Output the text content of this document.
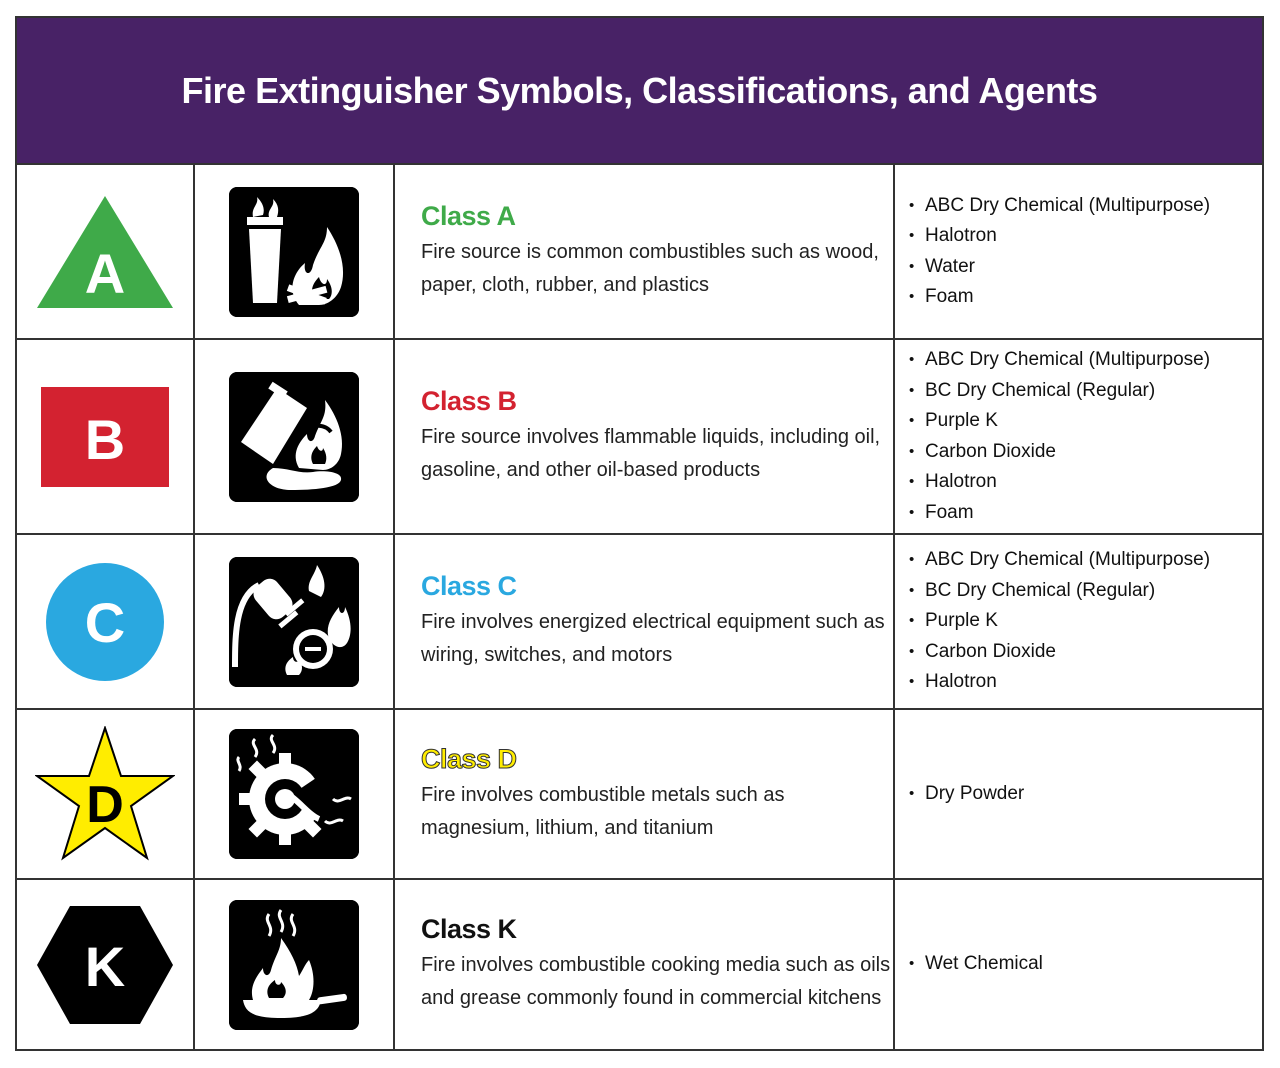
Fire Extinguisher Symbols, Classifications, and Agents
A
Class A
Fire source is common combustibles such as wood, paper, cloth, rubber, and plastics
• ABC Dry Chemical (Multipurpose)
• Halotron
• Water
• Foam
B
Class B
Fire source involves flammable liquids, including oil, gasoline, and other oil-based products
• ABC Dry Chemical (Multipurpose)
• BC Dry Chemical (Regular)
• Purple K
• Carbon Dioxide
• Halotron
• Foam
C
Class C
Fire involves energized electrical equipment such as wiring, switches, and motors
• ABC Dry Chemical (Multipurpose)
• BC Dry Chemical (Regular)
• Purple K
• Carbon Dioxide
• Halotron
D
Class D
Fire involves combustible metals such as magnesium, lithium, and titanium
• Dry Powder
K
Class K
Fire involves combustible cooking media such as oils and grease commonly found in commercial kitchens
• Wet Chemical
